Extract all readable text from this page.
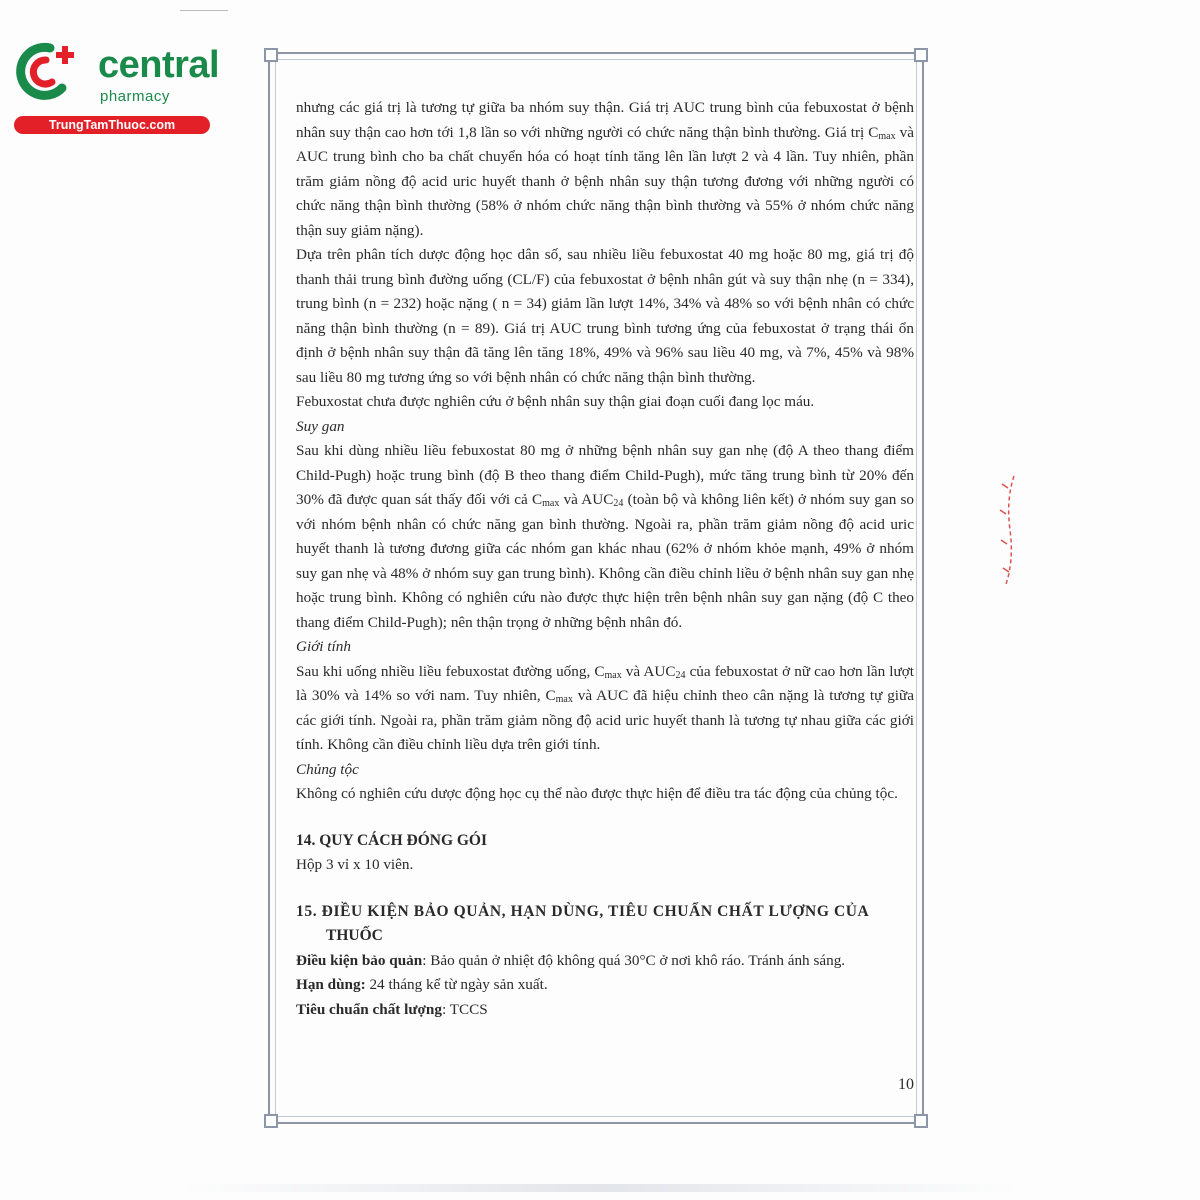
central
pharmacy
TrungTamThuoc.com

nhưng các giá trị là tương tự giữa ba nhóm suy thận. Giá trị AUC trung bình của febuxostat ở bệnh nhân suy thận cao hơn tới 1,8 lần so với những người có chức năng thận bình thường. Giá trị $C_{max}$ và AUC trung bình cho ba chất chuyển hóa có hoạt tính tăng lên lần lượt 2 và 4 lần. Tuy nhiên, phần trăm giảm nồng độ acid uric huyết thanh ở bệnh nhân suy thận tương đương với những người có chức năng thận bình thường (58% ở nhóm chức năng thận bình thường và 55% ở nhóm chức năng thận suy giảm nặng).

Dựa trên phân tích dược động học dân số, sau nhiều liều febuxostat 40 mg hoặc 80 mg, giá trị độ thanh thải trung bình đường uống (CL/F) của febuxostat ở bệnh nhân gút và suy thận nhẹ (n = 334), trung bình (n = 232) hoặc nặng ( n = 34) giảm lần lượt 14%, 34% và 48% so với bệnh nhân có chức năng thận bình thường (n = 89). Giá trị AUC trung bình tương ứng của febuxostat ở trạng thái ổn định ở bệnh nhân suy thận đã tăng lên tăng 18%, 49% và 96% sau liều 40 mg, và 7%, 45% và 98% sau liều 80 mg tương ứng so với bệnh nhân có chức năng thận bình thường.

Febuxostat chưa được nghiên cứu ở bệnh nhân suy thận giai đoạn cuối đang lọc máu.

Suy gan

Sau khi dùng nhiều liều febuxostat 80 mg ở những bệnh nhân suy gan nhẹ (độ A theo thang điểm Child-Pugh) hoặc trung bình (độ B theo thang điểm Child-Pugh), mức tăng trung bình từ 20% đến 30% đã được quan sát thấy đối với cả $C_{max}$ và $AUC_{24}$ (toàn bộ và không liên kết) ở nhóm suy gan so với nhóm bệnh nhân có chức năng gan bình thường. Ngoài ra, phần trăm giảm nồng độ acid uric huyết thanh là tương đương giữa các nhóm gan khác nhau (62% ở nhóm khỏe mạnh, 49% ở nhóm suy gan nhẹ và 48% ở nhóm suy gan trung bình). Không cần điều chỉnh liều ở bệnh nhân suy gan nhẹ hoặc trung bình. Không có nghiên cứu nào được thực hiện trên bệnh nhân suy gan nặng (độ C theo thang điểm Child-Pugh); nên thận trọng ở những bệnh nhân đó.

Giới tính

Sau khi uống nhiều liều febuxostat đường uống, $C_{max}$ và $AUC_{24}$ của febuxostat ở nữ cao hơn lần lượt là 30% và 14% so với nam. Tuy nhiên, $C_{max}$ và AUC đã hiệu chỉnh theo cân nặng là tương tự giữa các giới tính. Ngoài ra, phần trăm giảm nồng độ acid uric huyết thanh là tương tự nhau giữa các giới tính. Không cần điều chỉnh liều dựa trên giới tính.

Chủng tộc

Không có nghiên cứu dược động học cụ thể nào được thực hiện để điều tra tác động của chủng tộc.

14. QUY CÁCH ĐÓNG GÓI

Hộp 3 vỉ x 10 viên.

15. ĐIỀU KIỆN BẢO QUẢN, HẠN DÙNG, TIÊU CHUẨN CHẤT LƯỢNG CỦA
THUỐC

Điều kiện bảo quản: Bảo quản ở nhiệt độ không quá 30°C ở nơi khô ráo. Tránh ánh sáng.

Hạn dùng: 24 tháng kể từ ngày sản xuất.

Tiêu chuẩn chất lượng: TCCS

10
